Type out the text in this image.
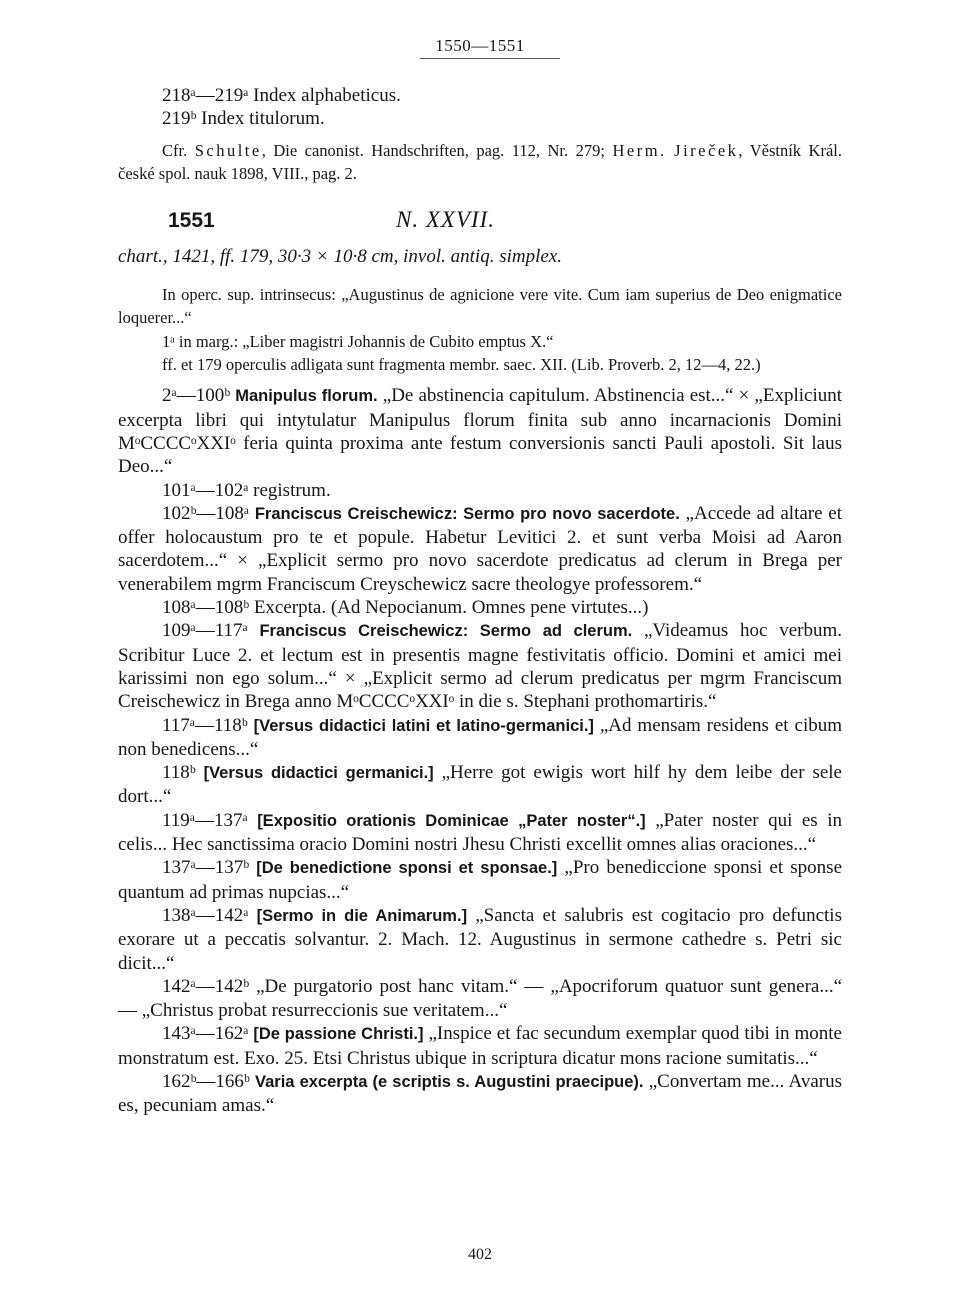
1550—1551

218ᵃ—219ᵃ Index alphabeticus.

219ᵇ Index titulorum.

Cfr. Schulte, Die canonist. Handschriften, pag. 112, Nr. 279; Herm. Jireček, Věstník Král. české spol. nauk 1898, VIII., pag. 2.

1551	N. XXVII.

chart., 1421, ff. 179, 30·3 × 10·8 cm, invol. antiq. simplex.

In operc. sup. intrinsecus: „Augustinus de agnicione vere vite. Cum iam superius de Deo enigmatice loquerer...“

1ᵃ in marg.: „Liber magistri Johannis de Cubito emptus X.“

ff. et 179 operculis adligata sunt fragmenta membr. saec. XII. (Lib. Proverb. 2, 12—4, 22.)

2ᵃ—100ᵇ Manipulus florum. „De abstinencia capitulum. Abstinencia est...“ × „Expliciunt excerpta libri qui intytulatur Manipulus florum finita sub anno incarnacionis Domini MᵒCCCCᵒXXIᵒ feria quinta proxima ante festum conversionis sancti Pauli apostoli. Sit laus Deo...“

101ᵃ—102ᵃ registrum.

102ᵇ—108ᵃ Franciscus Creischewicz: Sermo pro novo sacerdote. „Accede ad altare et offer holocaustum pro te et popule. Habetur Levitici 2. et sunt verba Moisi ad Aaron sacerdotem...“ × „Explicit sermo pro novo sacerdote predicatus ad clerum in Brega per venerabilem mgrm Franciscum Creyschewicz sacre theologye professorem.“

108ᵃ—108ᵇ Excerpta. (Ad Nepocianum. Omnes pene virtutes...)

109ᵃ—117ᵃ Franciscus Creischewicz: Sermo ad clerum. „Videamus hoc verbum. Scribitur Luce 2. et lectum est in presentis magne festivitatis officio. Domini et amici mei karissimi non ego solum...“ × „Explicit sermo ad clerum predicatus per mgrm Franciscum Creischewicz in Brega anno MᵒCCCCᵒXXIᵒ in die s. Stephani prothomartiris.“

117ᵃ—118ᵇ [Versus didactici latini et latino-germanici.] „Ad mensam residens et cibum non benedicens...“

118ᵇ [Versus didactici germanici.] „Herre got ewigis wort hilf hy dem leibe der sele dort...“

119ᵃ—137ᵃ [Expositio orationis Dominicae „Pater noster“.] „Pater noster qui es in celis... Hec sanctissima oracio Domini nostri Jhesu Christi excellit omnes alias oraciones...“

137ᵃ—137ᵇ [De benedictione sponsi et sponsae.] „Pro benediccione sponsi et sponse quantum ad primas nupcias...“

138ᵃ—142ᵃ [Sermo in die Animarum.] „Sancta et salubris est cogitacio pro defunctis exorare ut a peccatis solvantur. 2. Mach. 12. Augustinus in sermone cathedre s. Petri sic dicit...“

142ᵃ—142ᵇ „De purgatorio post hanc vitam.“ — „Apocriforum quatuor sunt genera...“ — „Christus probat resurreccionis sue veritatem...“

143ᵃ—162ᵃ [De passione Christi.] „Inspice et fac secundum exemplar quod tibi in monte monstratum est. Exo. 25. Etsi Christus ubique in scriptura dicatur mons racione sumitatis...“

162ᵇ—166ᵇ Varia excerpta (e scriptis s. Augustini praecipue). „Convertam me... Avarus es, pecuniam amas.“

402
